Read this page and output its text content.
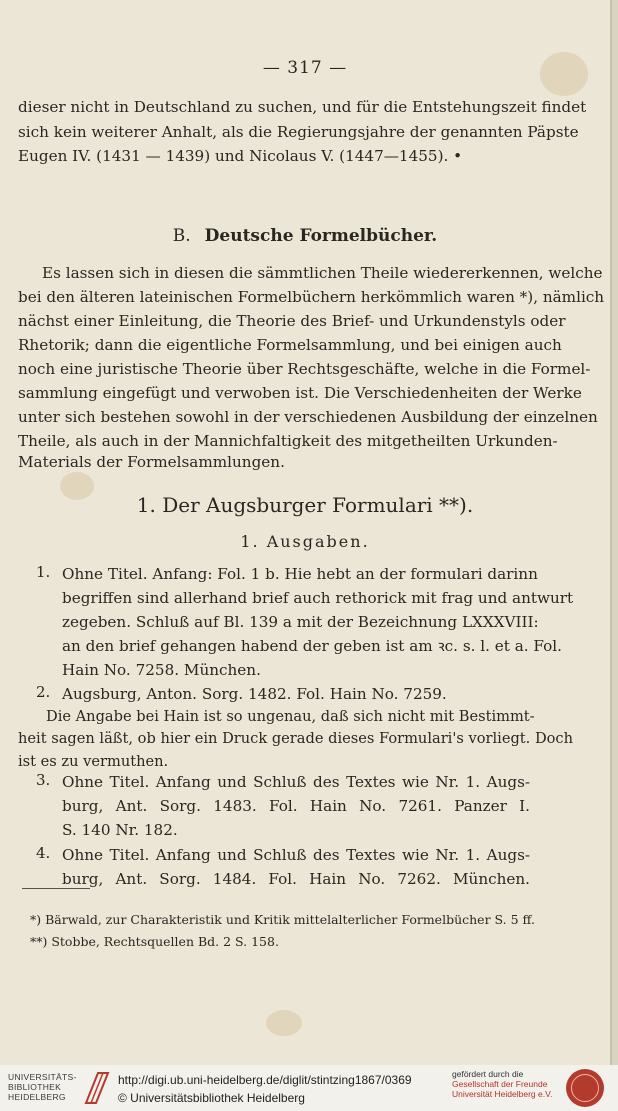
— 317 —
dieser nicht in Deutschland zu suchen, und für die Entstehungszeit findet
sich kein weiterer Anhalt, als die Regierungsjahre der genannten Päpste
Eugen IV. (1431 — 1439) und Nicolaus V. (1447—1455). •
B. Deutsche Formelbücher.
Es lassen sich in diesen die sämmtlichen Theile wiedererkennen, welche
bei den älteren lateinischen Formelbüchern herkömmlich waren *), nämlich
nächst einer Einleitung, die Theorie des Brief- und Urkundenstyls oder
Rhetorik; dann die eigentliche Formelsammlung, und bei einigen auch
noch eine juristische Theorie über Rechtsgeschäfte, welche in die Formel-
sammlung eingefügt und verwoben ist. Die Verschiedenheiten der Werke
unter sich bestehen sowohl in der verschiedenen Ausbildung der einzelnen
Theile, als auch in der Mannichfaltigkeit des mitgetheilten Urkunden-
Materials der Formelsammlungen.
1. Der Augsburger Formulari **).
1. Ausgaben.
1. Ohne Titel. Anfang: Fol. 1 b. Hie hebt an der formulari darinn
begriffen sind allerhand brief auch rethorick mit frag und antwurt
zegeben. Schluß auf Bl. 139 a mit der Bezeichnung LXXXVIII:
an den brief gehangen habend der geben ist am ꝛc. s. l. et a. Fol.
Hain No. 7258. München.
2. Augsburg, Anton. Sorg. 1482. Fol. Hain No. 7259.
Die Angabe bei Hain ist so ungenau, daß sich nicht mit Bestimmt-
heit sagen läßt, ob hier ein Druck gerade dieses Formulari's vorliegt. Doch
ist es zu vermuthen.
3. Ohne Titel. Anfang und Schluß des Textes wie Nr. 1. Augs-
burg, Ant. Sorg. 1483. Fol. Hain No. 7261. Panzer I.
S. 140 Nr. 182.
4. Ohne Titel. Anfang und Schluß des Textes wie Nr. 1. Augs-
burg, Ant. Sorg. 1484. Fol. Hain No. 7262. München.
*) Bärwald, zur Charakteristik und Kritik mittelalterlicher Formelbücher S. 5 ff.
**) Stobbe, Rechtsquellen Bd. 2 S. 158.
UNIVERSITÄTS-
BIBLIOTHEK
HEIDELBERG
http://digi.ub.uni-heidelberg.de/diglit/stintzing1867/0369
© Universitätsbibliothek Heidelberg
gefördert durch die
Gesellschaft der Freunde
Universität Heidelberg e.V.
